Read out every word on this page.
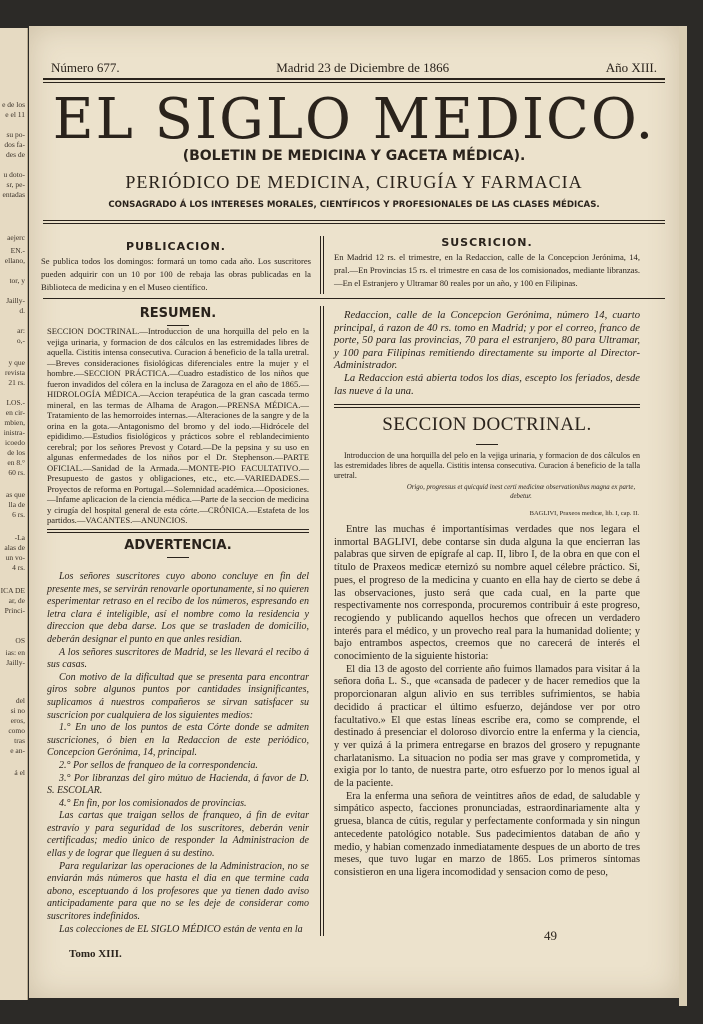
e de los
e el 11
su po-
dos fa-
des de
u doto-
sr, pe-
entadas
aejerc
EN.-
ellano,
tor, y
Jailly-
d.
ar:
o,-
y que
revista
21 rs.
LOS.-
en cir-
mbien,
inistra-
icoedo
de los
en 8.°
60 rs.
as que
lla de
6 rs.
-La
alas de
un vo-
4 rs.
ICA DE
ar, de
Princi-
OS
ias: en
Jailly-
del
si no
eros,
como
tras
e an-
á el
Número 677.	Madrid 23 de Diciembre de 1866	Año XIII.
EL SIGLO MEDICO.
(BOLETIN DE MEDICINA Y GACETA MÉDICA).
PERIÓDICO DE MEDICINA, CIRUGÍA Y FARMACIA
CONSAGRADO Á LOS INTERESES MORALES, CIENTÍFICOS Y PROFESIONALES DE LAS CLASES MÉDICAS.
PUBLICACION.
Se publica todos los domingos: formará un tomo cada año. Los suscritores pueden adquirir con un 10 por 100 de rebaja las obras publicadas en la Biblioteca de medicina y en el Museo científico.
SUSCRICION.
En Madrid 12 rs. el trimestre, en la Redaccion, calle de la Concepcion Jerónima, 14, pral.—En Provincias 15 rs. el trimestre en casa de los comisionados, mediante libranzas.—En el Estranjero y Ultramar 80 reales por un año, y 100 en Filipinas.
RESUMEN.
SECCION DOCTRINAL.—Introduccion de una horquilla del pelo en la vejiga urinaria, y formacion de dos cálculos en las estremidades libres de aquella. Cistitis intensa consecutiva. Curacion á beneficio de la talla uretral.—Breves consideraciones fisiológicas diferenciales entre la mujer y el hombre.—SECCION PRÁCTICA.—Cuadro estadístico de los niños que fueron invadidos del cólera en la inclusa de Zaragoza en el año de 1865.—HIDROLOGÍA MÉDICA.—Accion terapéutica de la gran cascada termo mineral, en las termas de Alhama de Aragon.—PRENSA MÉDICA.—Tratamiento de las hemorroides internas.—Alteraciones de la sangre y de la orina en la gota.—Antagonismo del bromo y del iodo.—Hidrócele del epididimo.—Estudios fisiológicos y prácticos sobre el reblandecimiento cerebral; por los señores Prevost y Cotard.—De la pepsina y su uso en algunas enfermedades de los niños por el Dr. Stephenson.—PARTE OFICIAL.—Sanidad de la Armada.—MONTE-PIO FACULTATIVO.—Presupuesto de gastos y obligaciones, etc., etc.—VARIEDADES.—Proyectos de reforma en Portugal.—Solemnidad académica.—Oposiciones.—Infame aplicacion de la ciencia médica.—Parte de la seccion de medicina y cirugía del hospital general de esta córte.—CRÓNICA.—Estafeta de los partidos.—VACANTES.—ANUNCIOS.
ADVERTENCIA.

Los señores suscritores cuyo abono concluye en fin del presente mes, se servirán renovarle oportunamente, si no quieren esperimentar retraso en el recibo de los números, espresando en letra clara é inteligible, así el nombre como la residencia y direccion que deba darse. Los que se trasladen de domicilio, deberán designar el punto en que anles residian.

A los señores suscritores de Madrid, se les llevará el recibo á sus casas.

Con motivo de la dificultad que se presenta para encontrar giros sobre algunos puntos por cantidades insignificantes, suplicamos á nuestros compañeros se sirvan satisfacer su suscricion por cualquiera de los siguientes medios:

1.° En uno de los puntos de esta Córte donde se admiten suscriciones, ó bien en la Redaccion de este periódico, Concepcion Gerónima, 14, principal.

2.° Por sellos de franqueo de la correspondencia.

3.° Por libranzas del giro mútuo de Hacienda, á favor de D. S. ESCOLAR.

4.° En fin, por los comisionados de provincias.

Las cartas que traigan sellos de franqueo, á fin de evitar estravío y para seguridad de los suscritores, deberán venir certificadas; medio único de responder la Administracion de ellas y de lograr que lleguen á su destino.

Para regularizar las operaciones de la Administracion, no se enviarán más números que hasta el dia en que termine cada abono, esceptuando á los profesores que ya tienen dado aviso anticipadamente para que no se les deje de considerar como suscritores indefinidos.

Las colecciones de EL SIGLO MÉDICO están de venta en la

Redaccion, calle de la Concepcion Gerónima, número 14, cuarto principal, á razon de 40 rs. tomo en Madrid; y por el correo, franco de porte, 50 para las provincias, 70 para el estranjero, 80 para Ultramar, y 100 para Filipinas remitiendo directamente su importe al Director-Administrador.

La Redaccion está abierta todos los dias, escepto los feriados, desde las nueve á la una.

SECCION DOCTRINAL.
Introduccion de una horquilla del pelo en la vejiga urinaria, y formacion de dos cálculos en las estremidades libres de aquella. Cistitis intensa consecutiva. Curacion á beneficio de la talla uretral.
Origo, progressus et quicquid inest certi medicinæ observationibus magna ex parte, debetur.
BAGLIVI, Praxeos medicæ, lib. I, cap. II.

Entre las muchas é importantísimas verdades que nos legara el inmortal BAGLIVI, debe contarse sin duda alguna la que encierran las palabras que sirven de epígrafe al cap. II, libro I, de la obra en que con el título de Praxeos medicæ eternizó su nombre aquel célebre práctico. Si, pues, el progreso de la medicina y cuanto en ella hay de cierto se debe á las observaciones, justo será que cada cual, en la parte que respectivamente nos corresponda, procuremos contribuir á este progreso, recogiendo y publicando aquellos hechos que ofrecen un verdadero interés para el médico, y un provecho real para la humanidad doliente; y bajo entrambos aspectos, creemos que no carecerá de interés el conocimiento de la siguiente historia:

El dia 13 de agosto del corriente año fuimos llamados para visitar á la señora doña L. S., que «cansada de padecer y de hacer remedios que la proporcionaran algun alivio en sus terribles sufrimientos, se habia decidido á practicar el último esfuerzo, dejándose ver por otro facultativo.» El que estas líneas escribe era, como se comprende, el destinado á presenciar el doloroso divorcio entre la enferma y la ciencia, y ver quizá á la primera entregarse en brazos del grosero y repugnante charlatanismo. La situacion no podia ser mas grave y comprometida, y exigia por lo tanto, de nuestra parte, otro esfuerzo por lo menos igual al de la paciente.

Era la enferma una señora de veintitres años de edad, de saludable y simpático aspecto, facciones pronunciadas, estraordinariamente alta y gruesa, blanca de cútis, regular y perfectamente conformada y sin ningun antecedente patológico notable. Sus padecimientos databan de año y medio, y habian comenzado inmediatamente despues de un aborto de tres meses, que tuvo lugar en marzo de 1865. Los primeros síntomas consistieron en una ligera incomodidad y sensacion como de peso,

Tomo XIII.
49
